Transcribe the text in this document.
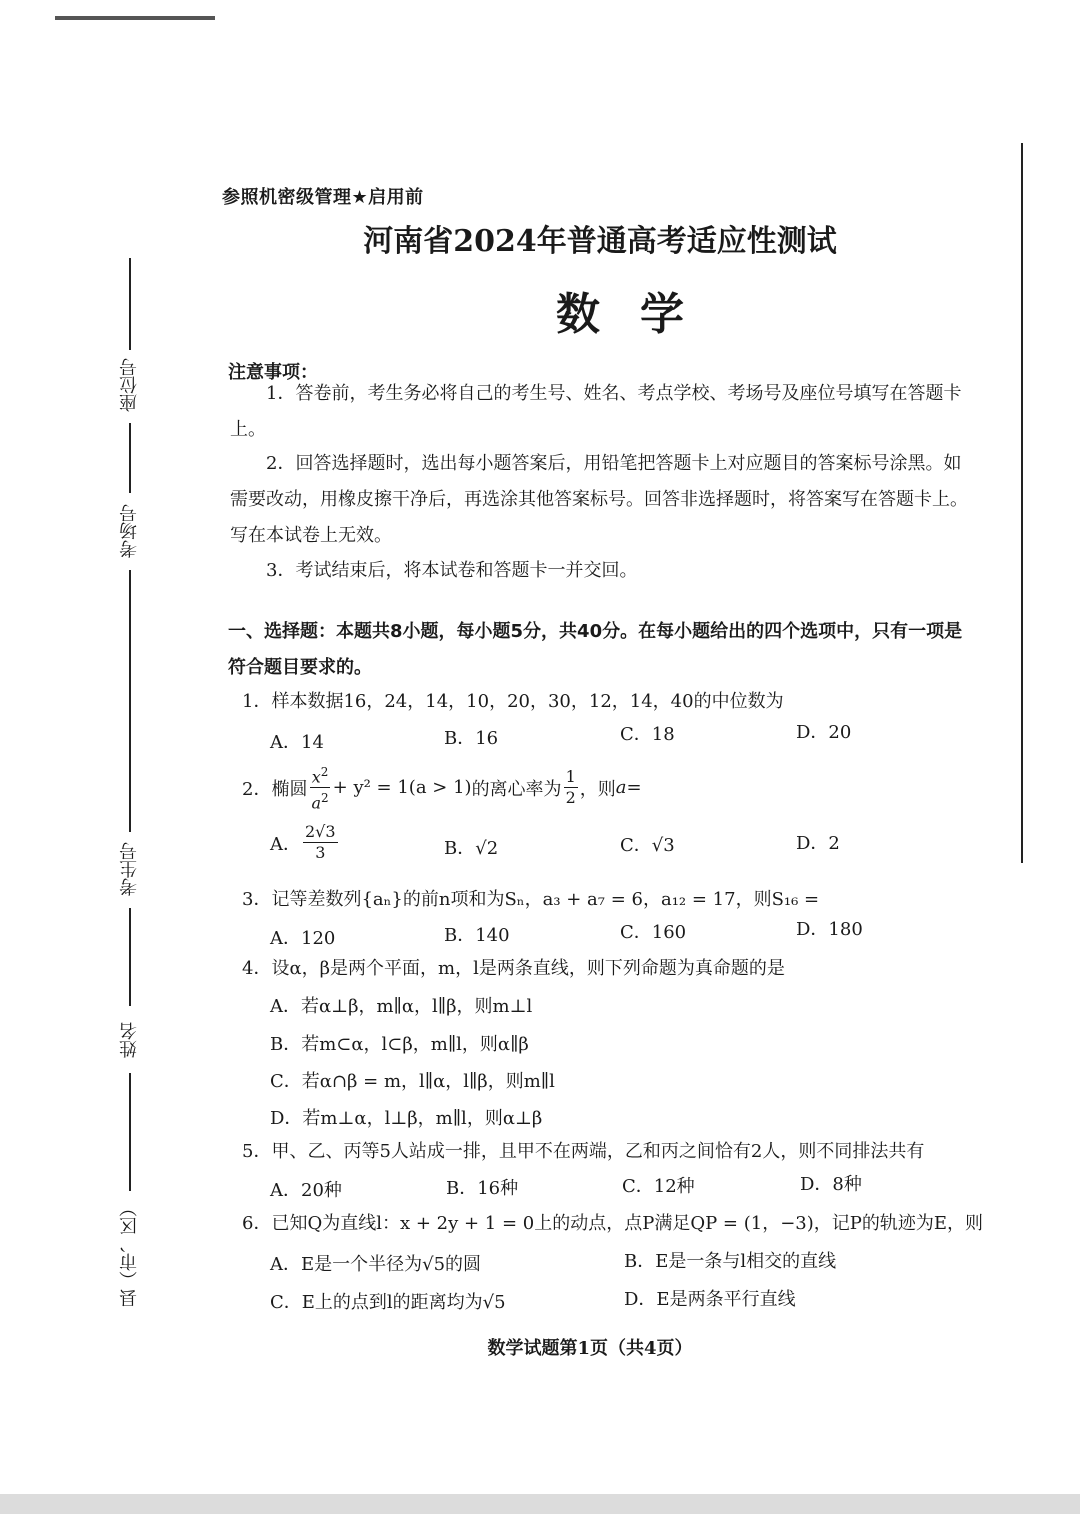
座位号
考场号
考生号
姓名
县（市、区）
参照机密级管理★启用前
河南省2024年普通高考适应性测试
数学
注意事项：
1．答卷前，考生务必将自己的考生号、姓名、考点学校、考场号及座位号填写在答题卡上。
2．回答选择题时，选出每小题答案后，用铅笔把答题卡上对应题目的答案标号涂黑。如需要改动，用橡皮擦干净后，再选涂其他答案标号。回答非选择题时，将答案写在答题卡上。写在本试卷上无效。
3．考试结束后，将本试卷和答题卡一并交回。
一、选择题：本题共8小题，每小题5分，共40分。在每小题给出的四个选项中，只有一项是符合题目要求的。
1．样本数据16，24，14，10，20，30，12，14，40的中位数为
A．14	B．16	C．18	D．20
2． 椭圆 $\frac{x^2}{a^2} + y^2 = 1(a > 1)$ 的离心率为 $\frac{1}{2}$ ，则 a =
A． $\frac{2√3}{3}$	B．√2	C．√3	D．2
3．记等差数列{aₙ}的前n项和为Sₙ，a₃ + a₇ = 6，a₁₂ = 17，则S₁₆ =
A．120	B．140	C．160	D．180
4．设α，β是两个平面，m，l是两条直线，则下列命题为真命题的是
A．若α⊥β，m∥α，l∥β，则m⊥l
B．若m⊂α，l⊂β，m∥l，则α∥β
C．若α∩β = m，l∥α，l∥β，则m∥l
D．若m⊥α，l⊥β，m∥l，则α⊥β
5．甲、乙、丙等5人站成一排，且甲不在两端，乙和丙之间恰有2人，则不同排法共有
A．20种	B．16种	C．12种	D．8种
6．已知Q为直线l：x + 2y + 1 = 0上的动点，点P满足QP = (1，−3)，记P的轨迹为E，则
A．E是一个半径为√5的圆	B．E是一条与l相交的直线
C．E上的点到l的距离均为√5	D．E是两条平行直线
数学试题第1页（共4页）
